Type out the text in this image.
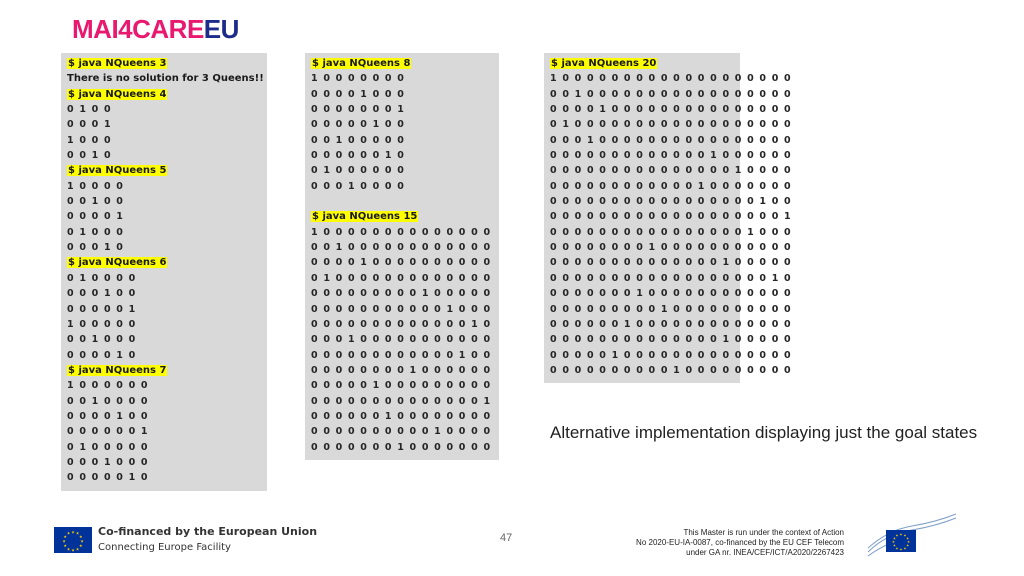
MAI4CAREEU
$ java NQueens 3
There is no solution for 3 Queens!!
$ java NQueens 4
0 1 0 0
0 0 0 1
1 0 0 0
0 0 1 0
$ java NQueens 5
1 0 0 0 0
0 0 1 0 0
0 0 0 0 1
0 1 0 0 0
0 0 0 1 0
$ java NQueens 6
0 1 0 0 0 0
0 0 0 1 0 0
0 0 0 0 0 1
1 0 0 0 0 0
0 0 1 0 0 0
0 0 0 0 1 0
$ java NQueens 7
1 0 0 0 0 0 0
0 0 1 0 0 0 0
0 0 0 0 1 0 0
0 0 0 0 0 0 1
0 1 0 0 0 0 0
0 0 0 1 0 0 0
0 0 0 0 0 1 0
$ java NQueens 8
1 0 0 0 0 0 0 0
0 0 0 0 1 0 0 0
0 0 0 0 0 0 0 1
0 0 0 0 0 1 0 0
0 0 1 0 0 0 0 0
0 0 0 0 0 0 1 0
0 1 0 0 0 0 0 0
0 0 0 1 0 0 0 0
$ java NQueens 15
1 0 0 0 0 0 0 0 0 0 0 0 0 0 0
0 0 1 0 0 0 0 0 0 0 0 0 0 0 0
0 0 0 0 1 0 0 0 0 0 0 0 0 0 0
0 1 0 0 0 0 0 0 0 0 0 0 0 0 0
0 0 0 0 0 0 0 0 0 1 0 0 0 0 0
0 0 0 0 0 0 0 0 0 0 0 1 0 0 0
0 0 0 0 0 0 0 0 0 0 0 0 0 1 0
0 0 0 1 0 0 0 0 0 0 0 0 0 0 0
0 0 0 0 0 0 0 0 0 0 0 0 1 0 0
0 0 0 0 0 0 0 0 1 0 0 0 0 0 0
0 0 0 0 0 1 0 0 0 0 0 0 0 0 0
0 0 0 0 0 0 0 0 0 0 0 0 0 0 1
0 0 0 0 0 0 1 0 0 0 0 0 0 0 0
0 0 0 0 0 0 0 0 0 0 1 0 0 0 0
0 0 0 0 0 0 0 1 0 0 0 0 0 0 0
$ java NQueens 20
1 0 0 0 0 0 0 0 0 0 0 0 0 0 0 0 0 0 0 0
0 0 1 0 0 0 0 0 0 0 0 0 0 0 0 0 0 0 0 0
0 0 0 0 1 0 0 0 0 0 0 0 0 0 0 0 0 0 0 0
0 1 0 0 0 0 0 0 0 0 0 0 0 0 0 0 0 0 0 0
0 0 0 1 0 0 0 0 0 0 0 0 0 0 0 0 0 0 0 0
0 0 0 0 0 0 0 0 0 0 0 0 0 1 0 0 0 0 0 0
0 0 0 0 0 0 0 0 0 0 0 0 0 0 0 1 0 0 0 0
0 0 0 0 0 0 0 0 0 0 0 0 1 0 0 0 0 0 0 0
0 0 0 0 0 0 0 0 0 0 0 0 0 0 0 0 0 1 0 0
0 0 0 0 0 0 0 0 0 0 0 0 0 0 0 0 0 0 0 1
0 0 0 0 0 0 0 0 0 0 0 0 0 0 0 0 1 0 0 0
0 0 0 0 0 0 0 0 1 0 0 0 0 0 0 0 0 0 0 0
0 0 0 0 0 0 0 0 0 0 0 0 0 0 1 0 0 0 0 0
0 0 0 0 0 0 0 0 0 0 0 0 0 0 0 0 0 0 1 0
0 0 0 0 0 0 0 1 0 0 0 0 0 0 0 0 0 0 0 0
0 0 0 0 0 0 0 0 0 1 0 0 0 0 0 0 0 0 0 0
0 0 0 0 0 0 1 0 0 0 0 0 0 0 0 0 0 0 0 0
0 0 0 0 0 0 0 0 0 0 0 0 0 0 1 0 0 0 0 0
0 0 0 0 0 1 0 0 0 0 0 0 0 0 0 0 0 0 0 0
0 0 0 0 0 0 0 0 0 0 1 0 0 0 0 0 0 0 0 0
Alternative implementation displaying just the goal states
★ ★
★
★
★
★
★
★
★
★
★
★	Co-financed by the European Union
Connecting Europe Facility
47	This Master is run under the context of Action
No 2020-EU-IA-0087, co-financed by the EU CEF Telecom
under GA nr. INEA/CEF/ICT/A2020/2267423
★ ★
★
★
★
★
★
★
★
★
★
★
